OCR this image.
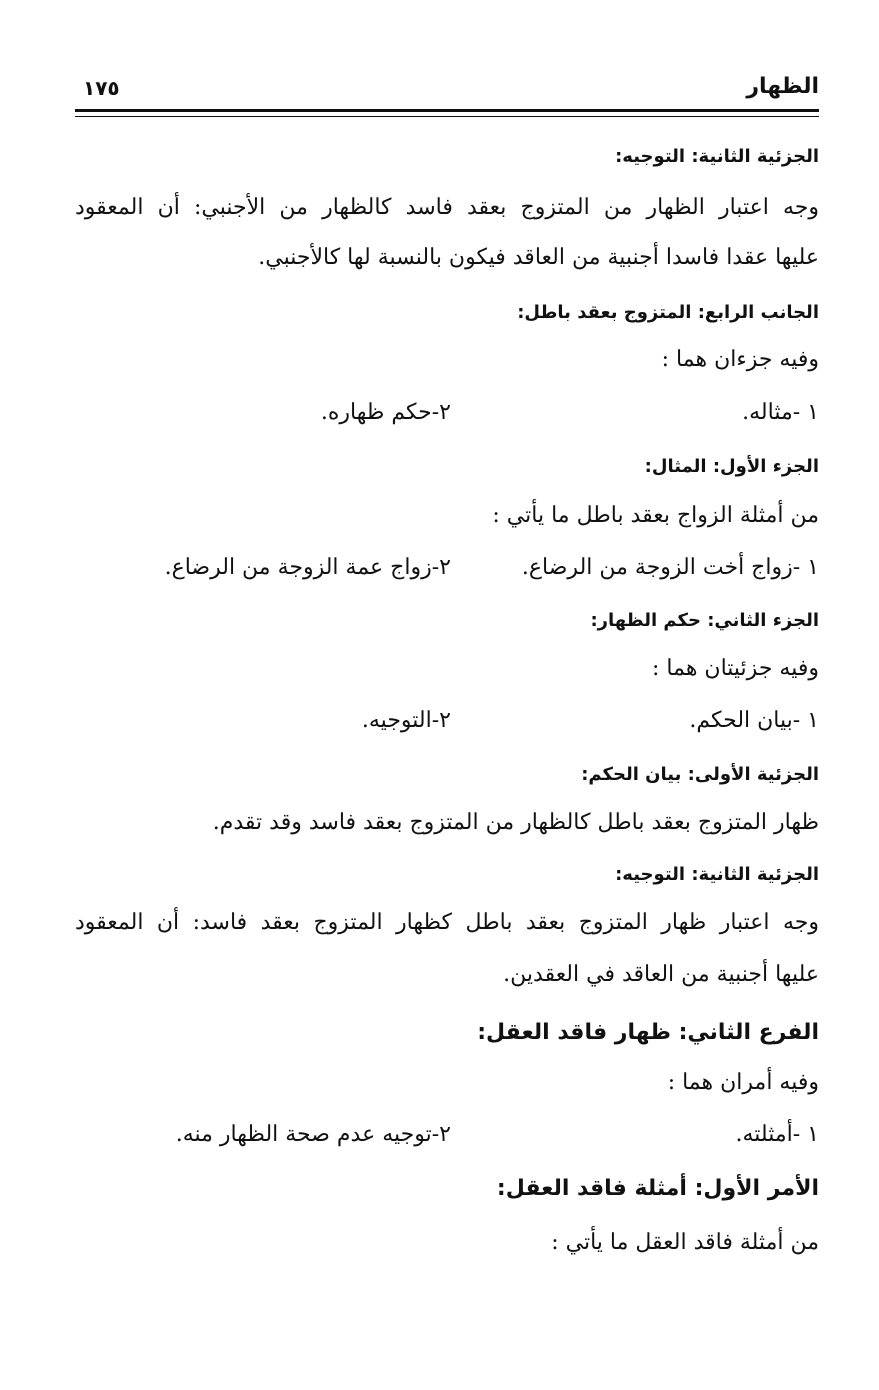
الظهار
١٧٥
الجزئية الثانية: التوجيه:
وجه اعتبار الظهار من المتزوج بعقد فاسد كالظهار من الأجنبي: أن المعقود
عليها عقدا فاسدا أجنبية من العاقد فيكون بالنسبة لها كالأجنبي.
الجانب الرابع: المتزوج بعقد باطل:
وفيه جزءان هما :
١ -مثاله.
٢-حكم ظهاره.
الجزء الأول: المثال:
من أمثلة الزواج بعقد باطل ما يأتي :
١ -زواج أخت الزوجة من الرضاع.
٢-زواج عمة الزوجة من الرضاع.
الجزء الثاني: حكم الظهار:
وفيه جزئيتان هما :
١ -بيان الحكم.
٢-التوجيه.
الجزئية الأولى: بيان الحكم:
ظهار المتزوج بعقد باطل كالظهار من المتزوج بعقد فاسد وقد تقدم.
الجزئية الثانية: التوجيه:
وجه اعتبار ظهار المتزوج بعقد باطل كظهار المتزوج بعقد فاسد: أن المعقود
عليها أجنبية من العاقد في العقدين.
الفرع الثاني: ظهار فاقد العقل:
وفيه أمران هما :
١ -أمثلته.
٢-توجيه عدم صحة الظهار منه.
الأمر الأول: أمثلة فاقد العقل:
من أمثلة فاقد العقل ما يأتي :
